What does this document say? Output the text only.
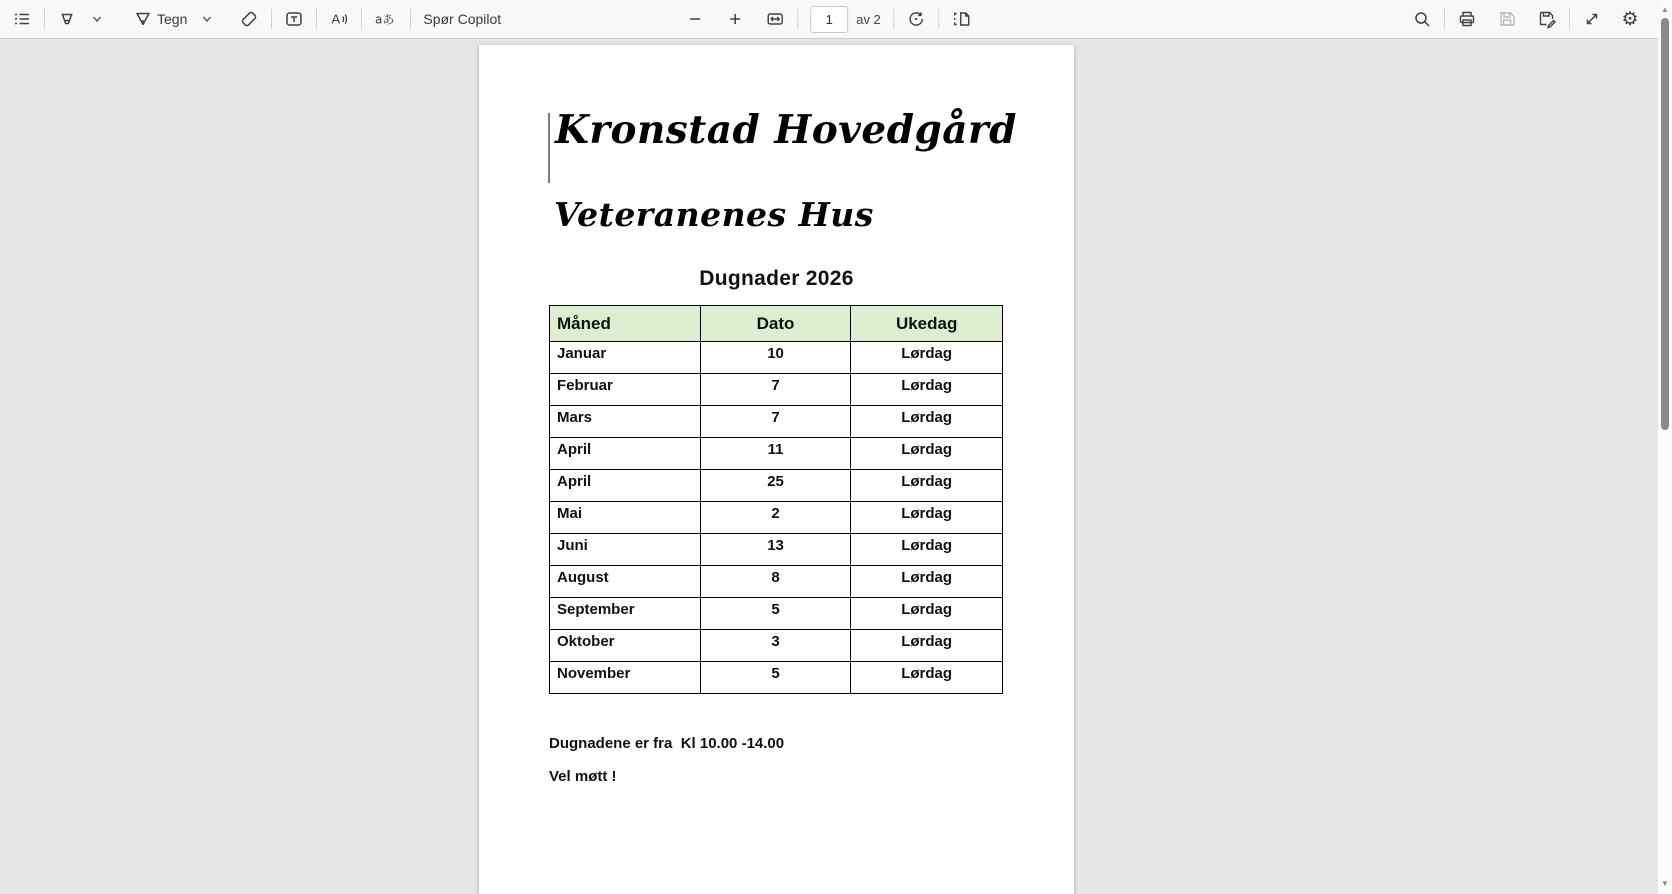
Tegn	A	aあ Spør Copilot
1	av 2	⚙
Kronstad Hovedgård
Veteranenes Hus
Dugnader 2026
Måned	Dato	Ukedag
Januar	10	Lørdag
Februar	7	Lørdag
Mars	7	Lørdag
April	11	Lørdag
April	25	Lørdag
Mai	2	Lørdag
Juni	13	Lørdag
August	8	Lørdag
September	5	Lørdag
Oktober	3	Lørdag
November	5	Lørdag
Dugnadene er fra  Kl 10.00 -14.00
Vel møtt !
▲
▼
